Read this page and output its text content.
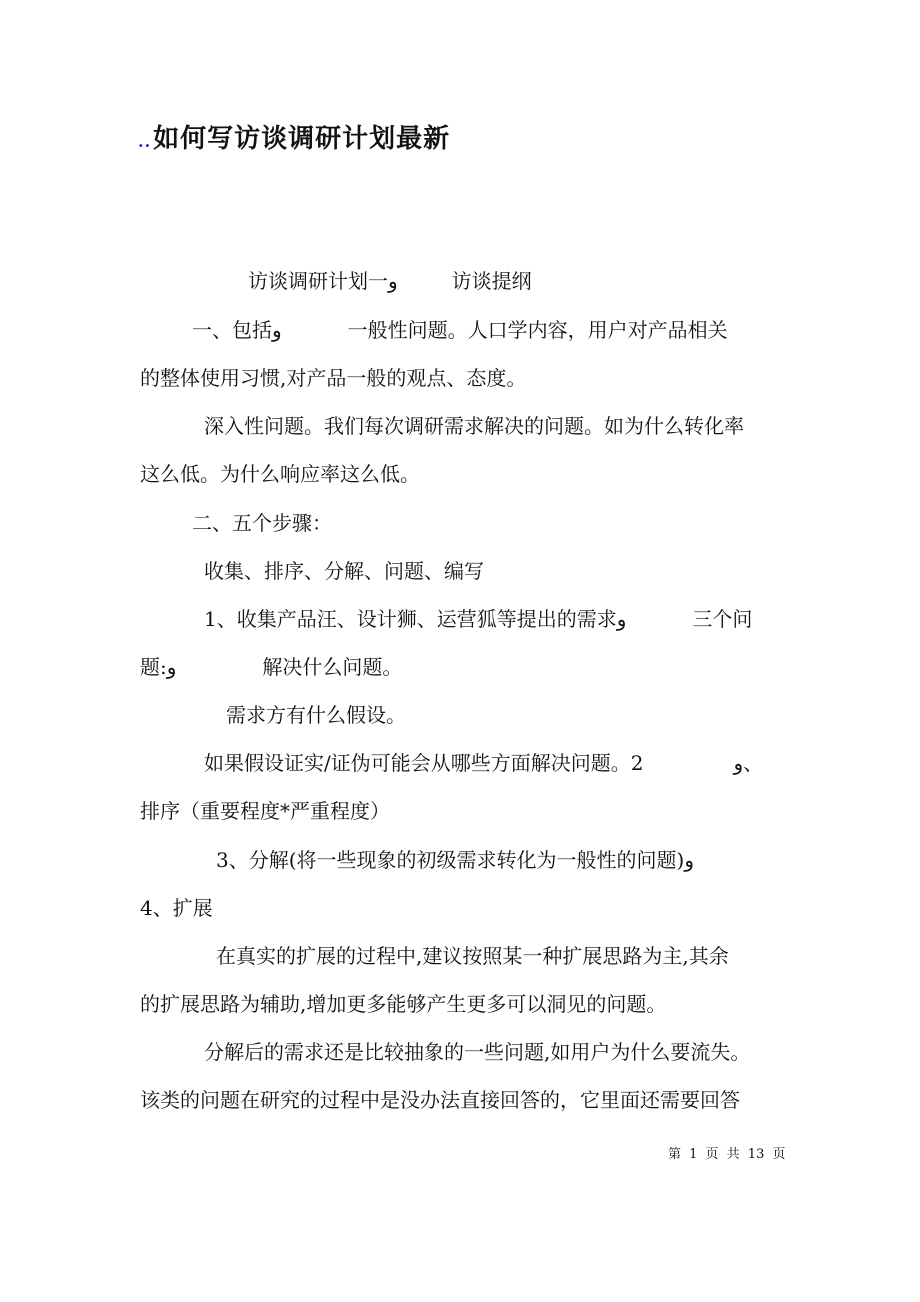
․․如何写访谈调研计划最新
访谈调研计划一و	访谈提纲
一、包括و	一般性问题。人口学内容，用户对产品相关
的整体使用习惯,对产品一般的观点、态度。
深入性问题。我们每次调研需求解决的问题。如为什么转化率
这么低。为什么响应率这么低。
二、五个步骤：
收集、排序、分解、问题、编写
1、收集产品汪、设计狮、运营狐等提出的需求و	三个问
题:و	解决什么问题。
需求方有什么假设。
如果假设证实/证伪可能会从哪些方面解决问题。2	و、
排序（重要程度*严重程度）
3、分解(将一些现象的初级需求转化为一般性的问题)و
4、扩展
在真实的扩展的过程中,建议按照某一种扩展思路为主,其余
的扩展思路为辅助,增加更多能够产生更多可以洞见的问题。
分解后的需求还是比较抽象的一些问题,如用户为什么要流失。
该类的问题在研究的过程中是没办法直接回答的，它里面还需要回答
第 1 页 共 13 页
